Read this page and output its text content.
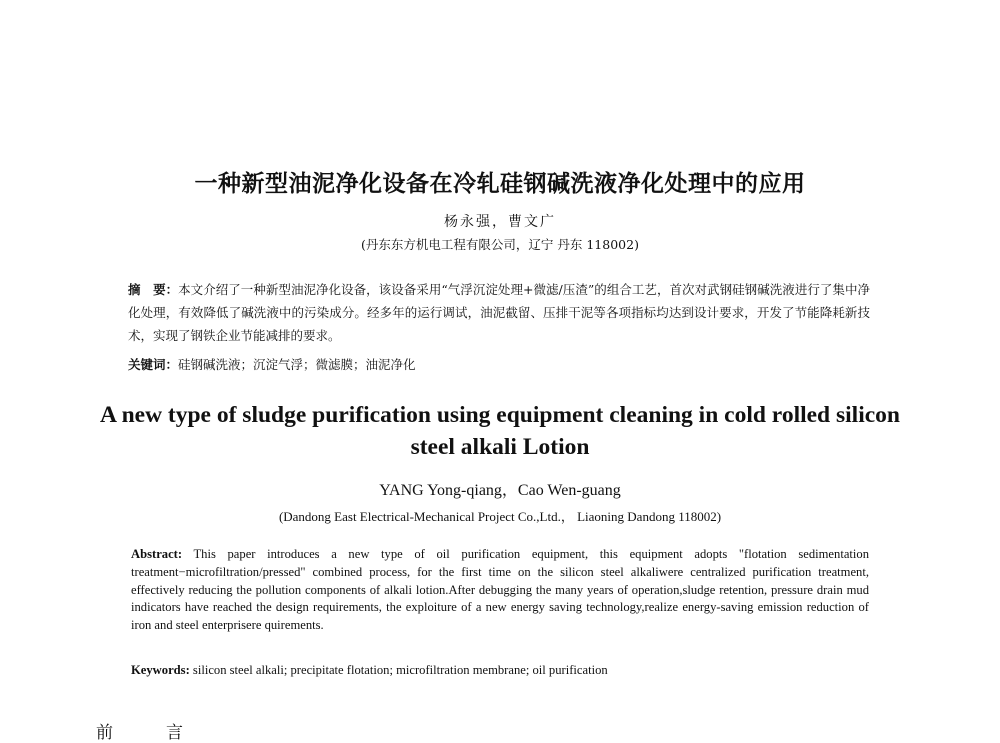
一种新型油泥净化设备在冷轧硅钢碱洗液净化处理中的应用
杨永强，曹文广
(丹东东方机电工程有限公司，辽宁 丹东 118002)
摘　要：本文介绍了一种新型油泥净化设备，该设备采用“气浮沉淀处理+微滤/压渣”的组合工艺，首次对武钢硅钢碱洗液进行了集中净化处理，有效降低了碱洗液中的污染成分。经多年的运行调试，油泥截留、压排干泥等各项指标均达到设计要求，开发了节能降耗新技术，实现了钢铁企业节能减排的要求。
关键词：硅钢碱洗液；沉淀气浮；微滤膜；油泥净化
A new type of sludge purification using equipment cleaning in cold rolled silicon steel alkali Lotion
YANG Yong-qiang，Cao Wen-guang
(Dandong East Electrical-Mechanical Project Co.,Ltd.， Liaoning Dandong 118002)
Abstract: This paper introduces a new type of oil purification equipment, this equipment adopts "flotation sedimentation treatment−microfiltration/pressed" combined process, for the first time on the silicon steel alkaliwere centralized purification treatment, effectively reducing the pollution components of alkali lotion.After debugging the many years of operation,sludge retention, pressure drain mud indicators have reached the design requirements, the exploiture of a new energy saving technology,realize energy-saving emission reduction of iron and steel enterprisere quirements.
Keywords: silicon steel alkali; precipitate flotation; microfiltration membrane; oil purification
前　言
